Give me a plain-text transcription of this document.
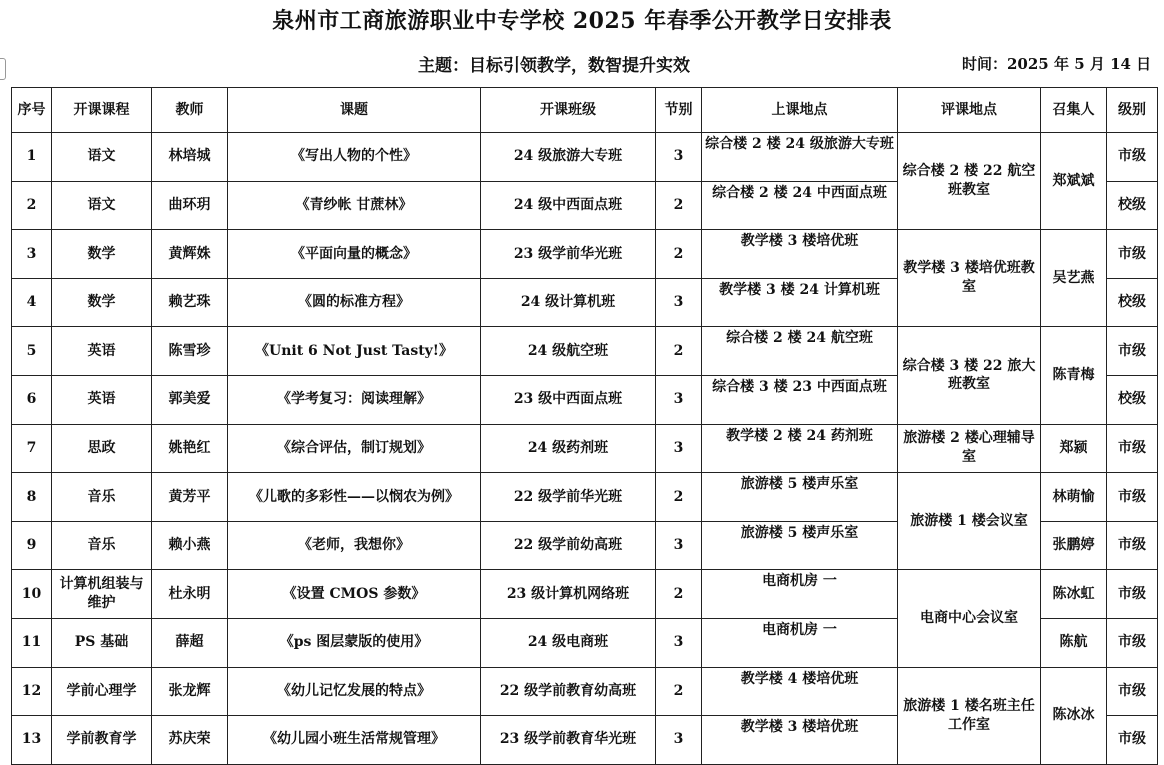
泉州市工商旅游职业中专学校 2025 年春季公开教学日安排表
主题：目标引领教学，数智提升实效	时间：2025 年 5 月 14 日
序号	开课课程	教师	课题	开课班级	节别	上课地点	评课地点	召集人	级别
1	语文	林培城	《写出人物的个性》	24 级旅游大专班	3	综合楼 2 楼 24 级旅游大专班	综合楼 2 楼 22 航空班教室	郑斌斌	市级
2	语文	曲环玥	《青纱帐 甘蔗林》	24 级中西面点班	2	综合楼 2 楼 24 中西面点班			校级
3	数学	黄辉姝	《平面向量的概念》	23 级学前华光班	2	教学楼 3 楼培优班	教学楼 3 楼培优班教室	吴艺燕	市级
4	数学	赖艺珠	《圆的标准方程》	24 级计算机班	3	教学楼 3 楼 24 计算机班			校级
5	英语	陈雪珍	《Unit 6 Not Just Tasty!》	24 级航空班	2	综合楼 2 楼 24 航空班	综合楼 3 楼 22 旅大班教室	陈青梅	市级
6	英语	郭美爱	《学考复习：阅读理解》	23 级中西面点班	3	综合楼 3 楼 23 中西面点班			校级
7	思政	姚艳红	《综合评估，制订规划》	24 级药剂班	3	教学楼 2 楼 24 药剂班	旅游楼 2 楼心理辅导室	郑颍	市级
8	音乐	黄芳平	《儿歌的多彩性——以悯农为例》	22 级学前华光班	2	旅游楼 5 楼声乐室	旅游楼 1 楼会议室	林萌愉	市级
9	音乐	赖小燕	《老师，我想你》	22 级学前幼高班	3	旅游楼 5 楼声乐室		张鹏婷	市级
10	计算机组装与维护	杜永明	《设置 CMOS 参数》	23 级计算机网络班	2	电商机房 一	电商中心会议室	陈冰虹	市级
11	PS 基础	薛超	《ps 图层蒙版的使用》	24 级电商班	3	电商机房 一		陈航	市级
12	学前心理学	张龙辉	《幼儿记忆发展的特点》	22 级学前教育幼高班	2	教学楼 4 楼培优班	旅游楼 1 楼名班主任工作室	陈冰冰	市级
13	学前教育学	苏庆荣	《幼儿园小班生活常规管理》	23 级学前教育华光班	3	教学楼 3 楼培优班			市级
